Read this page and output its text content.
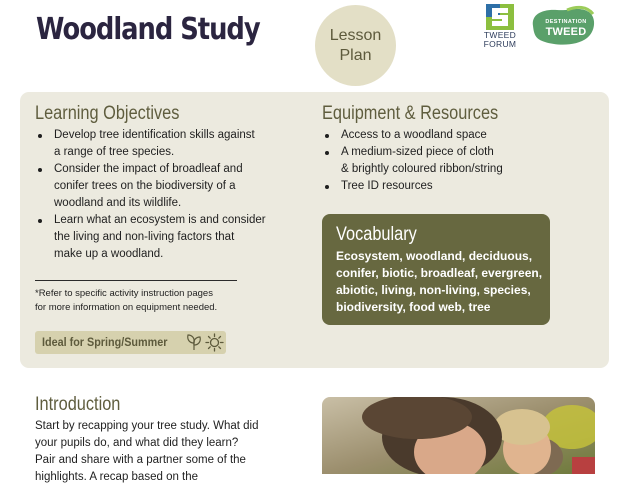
Woodland Study	Lesson
Plan
TWEED
FORUM
DESTINATION
TWEED
Learning Objectives
Develop tree identification skills against
a range of tree species.
Consider the impact of broadleaf and
conifer trees on the biodiversity of a
woodland and its wildlife.
Learn what an ecosystem is and consider
the living and non-living factors that
make up a woodland.
*Refer to specific activity instruction pages
for more information on equipment needed.
Ideal for Spring/Summer
Equipment & Resources
Access to a woodland space
A medium-sized piece of cloth
& brightly coloured ribbon/string
Tree ID resources
Vocabulary
Ecosystem, woodland, deciduous,
conifer, biotic, broadleaf, evergreen,
abiotic, living, non-living, species,
biodiversity, food web, tree
Introduction
Start by recapping your tree study. What did
your pupils do, and what did they learn?
Pair and share with a partner some of the
highlights. A recap based on the
